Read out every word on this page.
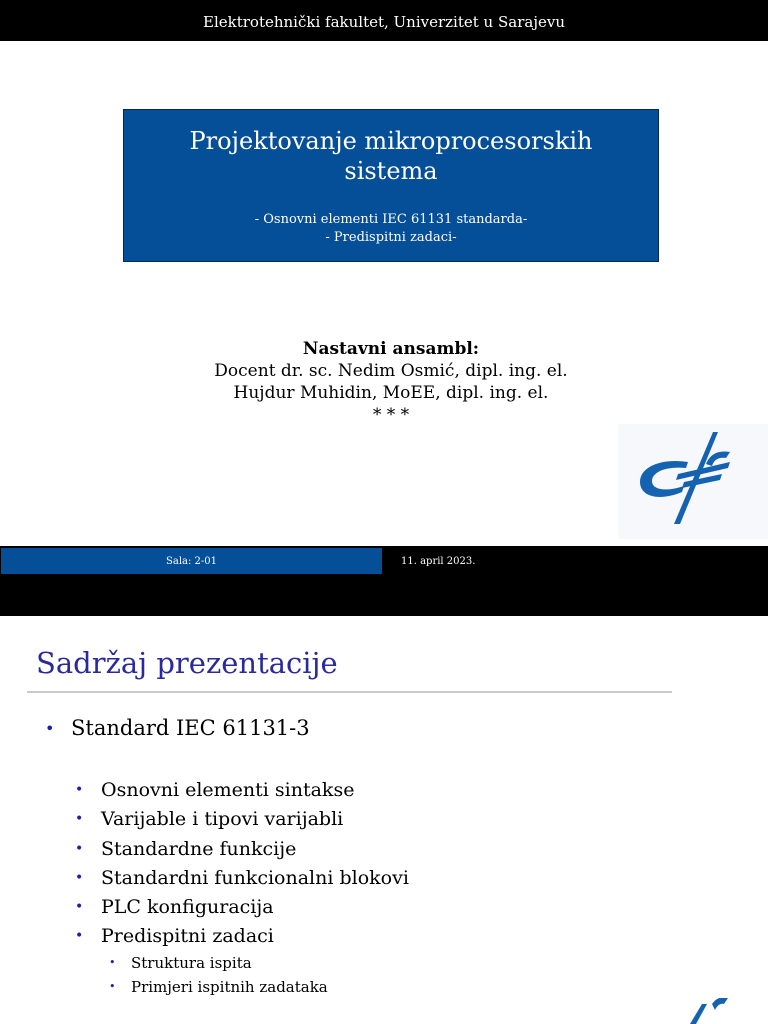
Elektrotehnički fakultet, Univerzitet u Sarajevu
Projektovanje mikroprocesorskih
sistema
- Osnovni elementi IEC 61131 standarda-
- Predispitni zadaci-
Nastavni ansambl:
Docent dr. sc. Nedim Osmić, dipl. ing. el.
Hujdur Muhidin, MoEE, dipl. ing. el.
* * *
Sala: 2-01	11. april 2023.
Sadržaj prezentacije
• Standard IEC 61131-3
• Osnovni elementi sintakse
• Varijable i tipovi varijabli
• Standardne funkcije
• Standardni funkcionalni blokovi
• PLC konfiguracija
• Predispitni zadaci
• Struktura ispita
• Primjeri ispitnih zadataka
